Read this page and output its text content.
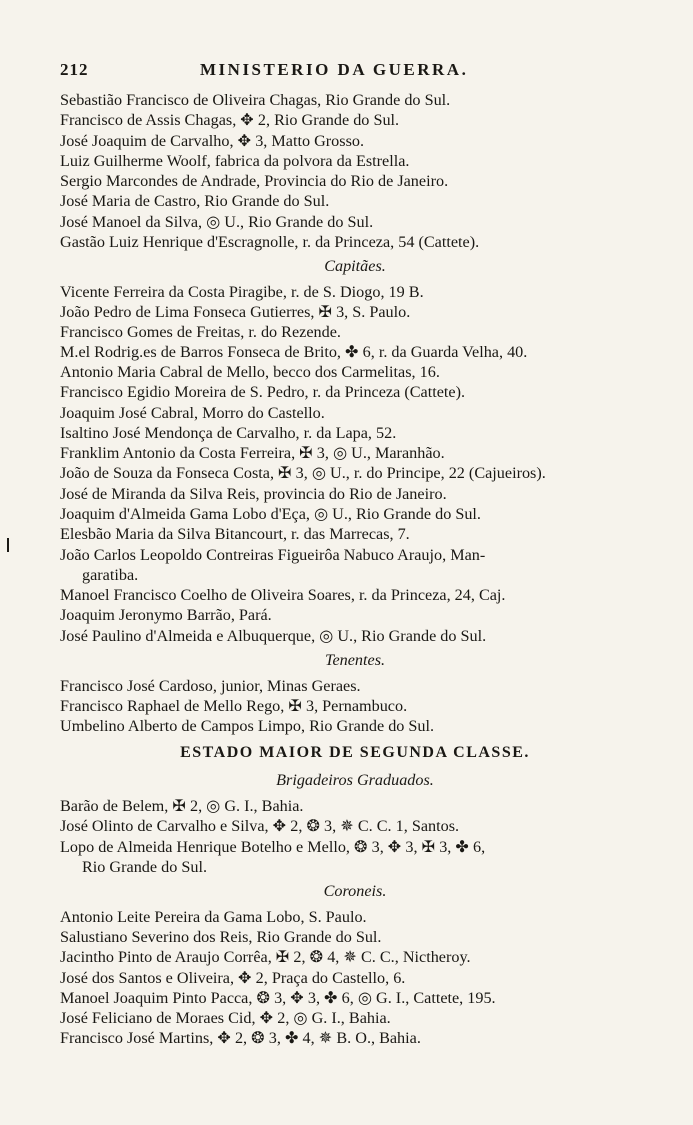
212	MINISTERIO DA GUERRA.
Sebastião Francisco de Oliveira Chagas, Rio Grande do Sul.
Francisco de Assis Chagas, ✥ 2, Rio Grande do Sul.
José Joaquim de Carvalho, ✥ 3, Matto Grosso.
Luiz Guilherme Woolf, fabrica da polvora da Estrella.
Sergio Marcondes de Andrade, Provincia do Rio de Janeiro.
José Maria de Castro, Rio Grande do Sul.
José Manoel da Silva, ◎ U., Rio Grande do Sul.
Gastão Luiz Henrique d'Escragnolle, r. da Princeza, 54 (Cattete).
Capitães.
Vicente Ferreira da Costa Piragibe, r. de S. Diogo, 19 B.
João Pedro de Lima Fonseca Gutierres, ✠ 3, S. Paulo.
Francisco Gomes de Freitas, r. do Rezende.
M.el Rodrig.es de Barros Fonseca de Brito, ✤ 6, r. da Guarda Velha, 40.
Antonio Maria Cabral de Mello, becco dos Carmelitas, 16.
Francisco Egidio Moreira de S. Pedro, r. da Princeza (Cattete).
Joaquim José Cabral, Morro do Castello.
Isaltino José Mendonça de Carvalho, r. da Lapa, 52.
Franklim Antonio da Costa Ferreira, ✠ 3, ◎ U., Maranhão.
João de Souza da Fonseca Costa, ✠ 3, ◎ U., r. do Principe, 22 (Cajueiros).
José de Miranda da Silva Reis, provincia do Rio de Janeiro.
Joaquim d'Almeida Gama Lobo d'Eça, ◎ U., Rio Grande do Sul.
Elesbão Maria da Silva Bitancourt, r. das Marrecas, 7.
João Carlos Leopoldo Contreiras Figueirôa Nabuco Araujo, Man-
garatiba.
Manoel Francisco Coelho de Oliveira Soares, r. da Princeza, 24, Caj.
Joaquim Jeronymo Barrão, Pará.
José Paulino d'Almeida e Albuquerque, ◎ U., Rio Grande do Sul.
Tenentes.
Francisco José Cardoso, junior, Minas Geraes.
Francisco Raphael de Mello Rego, ✠ 3, Pernambuco.
Umbelino Alberto de Campos Limpo, Rio Grande do Sul.
ESTADO MAIOR DE SEGUNDA CLASSE.
Brigadeiros Graduados.
Barão de Belem, ✠ 2, ◎ G. I., Bahia.
José Olinto de Carvalho e Silva, ✥ 2, ❂ 3, ✵ C. C. 1, Santos.
Lopo de Almeida Henrique Botelho e Mello, ❂ 3, ✥ 3, ✠ 3, ✤ 6,
Rio Grande do Sul.
Coroneis.
Antonio Leite Pereira da Gama Lobo, S. Paulo.
Salustiano Severino dos Reis, Rio Grande do Sul.
Jacintho Pinto de Araujo Corrêa, ✠ 2, ❂ 4, ✵ C. C., Nictheroy.
José dos Santos e Oliveira, ✥ 2, Praça do Castello, 6.
Manoel Joaquim Pinto Pacca, ❂ 3, ✥ 3, ✤ 6, ◎ G. I., Cattete, 195.
José Feliciano de Moraes Cid, ✥ 2, ◎ G. I., Bahia.
Francisco José Martins, ✥ 2, ❂ 3, ✤ 4, ✵ B. O., Bahia.
